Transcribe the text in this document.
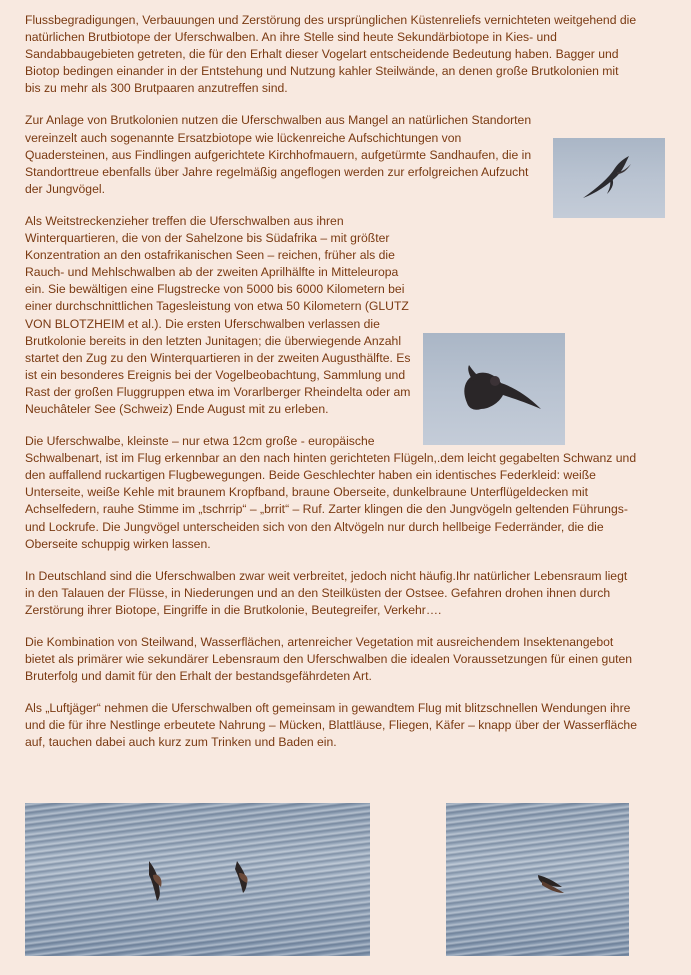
Flussbegradigungen, Verbauungen und Zerstörung des ursprünglichen Küstenreliefs vernichteten weitgehend die natürlichen Brutbiotope der Uferschwalben. An ihre Stelle sind heute Sekundärbiotope in Kies- und Sandabbaugebieten getreten, die für den Erhalt dieser Vogelart entscheidende Bedeutung haben. Bagger und Biotop bedingen einander in der Entstehung und Nutzung kahler Steilwände, an denen große Brutkolonien mit bis zu mehr als 300 Brutpaaren anzutreffen sind.

Zur Anlage von Brutkolonien nutzen die Uferschwalben aus Mangel an natürlichen Standorten vereinzelt auch sogenannte Ersatzbiotope wie lückenreiche Aufschichtungen von Quadersteinen, aus Findlingen aufgerichtete Kirchhofmauern, aufgetürmte Sandhaufen, die in Standorttreue ebenfalls über Jahre regelmäßig angeflogen werden zur erfolgreichen Aufzucht der Jungvögel.

Als Weitstreckenzieher treffen die Uferschwalben aus ihren Winterquartieren, die von der Sahelzone bis Südafrika – mit größter Konzentration an den ostafrikanischen Seen – reichen, früher als die Rauch- und Mehlschwalben ab der zweiten Aprilhälfte in Mitteleuropa ein. Sie bewältigen eine Flugstrecke von 5000 bis 6000 Kilometern bei einer durchschnittlichen Tagesleistung von etwa 50 Kilometern (GLUTZ VON BLOTZHEIM et al.). Die ersten Uferschwalben verlassen die Brutkolonie bereits in den letzten Junitagen; die überwiegende Anzahl startet den Zug zu den Winterquartieren in der zweiten Augusthälfte. Es ist ein besonderes Ereignis bei der Vogelbeobachtung, Sammlung und Rast der großen Fluggruppen etwa im Vorarlberger Rheindelta oder am Neuchâteler See (Schweiz) Ende August mit zu erleben.

Die Uferschwalbe, kleinste – nur etwa 12cm große - europäische Schwalbenart, ist im Flug erkennbar an den nach hinten gerichteten Flügeln,.dem leicht gegabelten Schwanz und den auffallend ruckartigen Flugbewegungen. Beide Geschlechter haben ein identisches Federkleid: weiße Unterseite, weiße Kehle mit braunem Kropfband, braune Oberseite, dunkelbraune Unterflügeldecken mit Achselfedern, rauhe Stimme im „tschrrip“ – „brrit“ – Ruf. Zarter klingen die den Jungvögeln geltenden Führungs- und Lockrufe. Die Jungvögel unterscheiden sich von den Altvögeln nur durch hellbeige Federränder, die die Oberseite schuppig wirken lassen.

In Deutschland sind die Uferschwalben zwar weit verbreitet, jedoch nicht häufig.Ihr natürlicher Lebensraum liegt in den Talauen der Flüsse, in Niederungen und an den Steilküsten der Ostsee. Gefahren drohen ihnen durch Zerstörung ihrer Biotope, Eingriffe in die Brutkolonie, Beutegreifer, Verkehr….

Die Kombination von Steilwand, Wasserflächen, artenreicher Vegetation mit ausreichendem Insektenangebot bietet als primärer wie sekundärer Lebensraum den Uferschwalben die idealen Voraussetzungen für einen guten Bruterfolg und damit für den Erhalt der bestandsgefährdeten Art.

Als „Luftjäger“ nehmen die Uferschwalben oft gemeinsam in gewandtem Flug mit blitzschnellen Wendungen ihre und die für ihre Nestlinge erbeutete Nahrung – Mücken, Blattläuse, Fliegen, Käfer – knapp über der Wasserfläche auf, tauchen dabei auch kurz zum Trinken und Baden ein.
